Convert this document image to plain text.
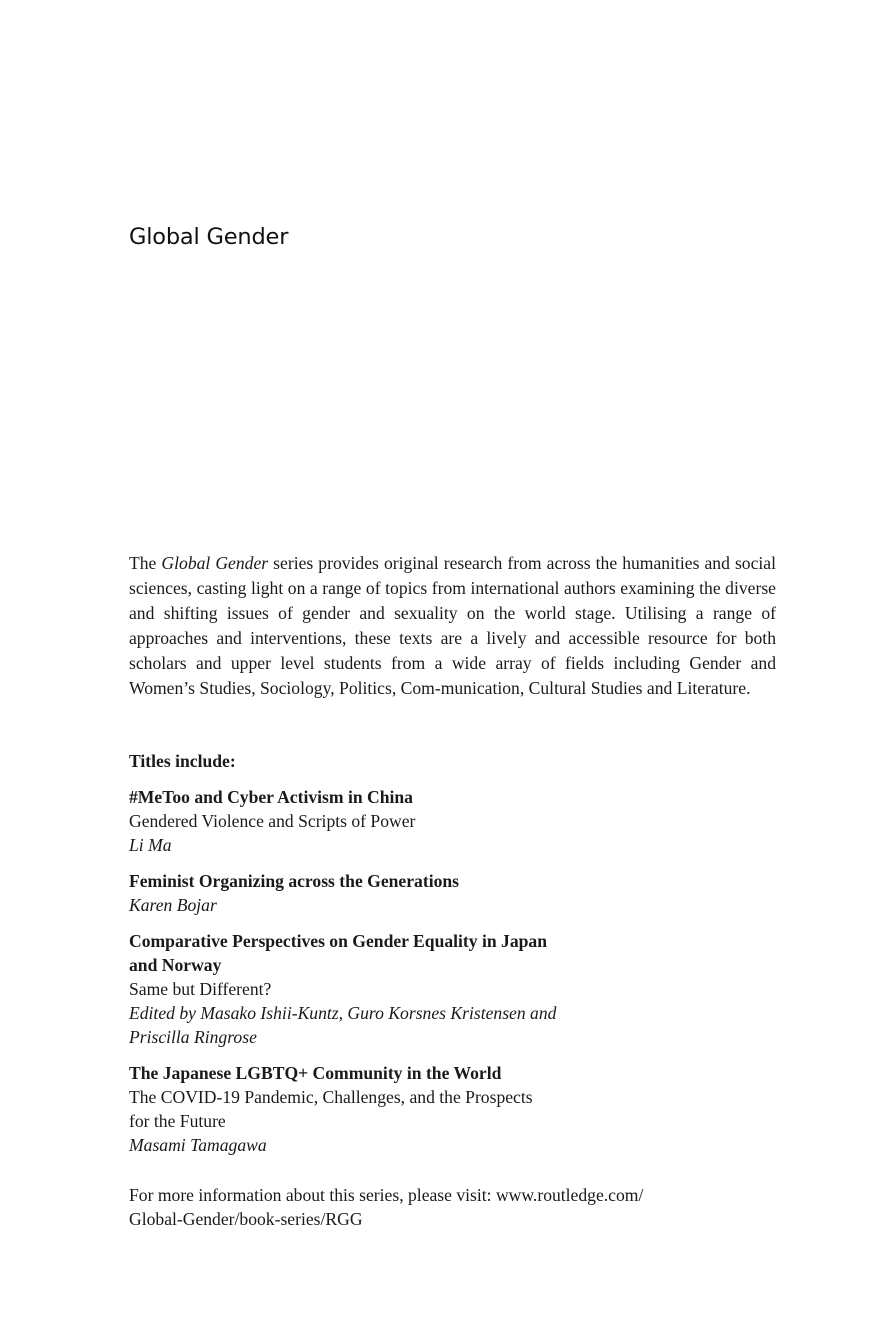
Global Gender

The Global Gender series provides original research from across the humanities and social sciences, casting light on a range of topics from international authors examining the diverse and shifting issues of gender and sexuality on the world stage. Utilising a range of approaches and interventions, these texts are a lively and accessible resource for both scholars and upper level students from a wide array of fields including Gender and Women’s Studies, Sociology, Politics, Com-munication, Cultural Studies and Literature.

Titles include:
#MeToo and Cyber Activism in China
Gendered Violence and Scripts of Power
Li Ma
Feminist Organizing across the Generations
Karen Bojar
Comparative Perspectives on Gender Equality in Japan
and Norway
Same but Different?
Edited by Masako Ishii-Kuntz, Guro Korsnes Kristensen and
Priscilla Ringrose
The Japanese LGBTQ+ Community in the World
The COVID-19 Pandemic, Challenges, and the Prospects
for the Future
Masami Tamagawa
For more information about this series, please visit: www.routledge.com/
Global-Gender/book-series/RGG
